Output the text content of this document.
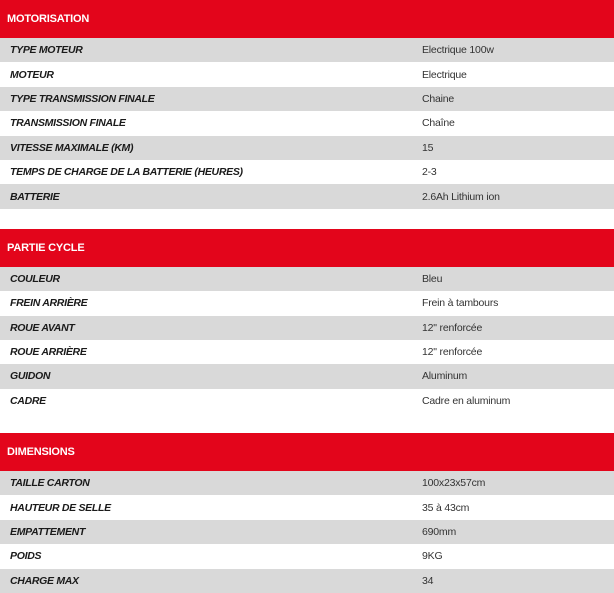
MOTORISATION
TYPE MOTEUR	Electrique 100w
MOTEUR	Electrique
TYPE TRANSMISSION FINALE	Chaine
TRANSMISSION FINALE	Chaîne
VITESSE MAXIMALE (KM)	15
TEMPS DE CHARGE DE LA BATTERIE (HEURES)	2-3
BATTERIE	2.6Ah Lithium ion
PARTIE CYCLE
COULEUR	Bleu
FREIN ARRIÈRE	Frein à tambours
ROUE AVANT	12" renforcée
ROUE ARRIÈRE	12" renforcée
GUIDON	Aluminum
CADRE	Cadre en aluminum
DIMENSIONS
TAILLE CARTON	100x23x57cm
HAUTEUR DE SELLE	35 à 43cm
EMPATTEMENT	690mm
POIDS	9KG
CHARGE MAX	34
